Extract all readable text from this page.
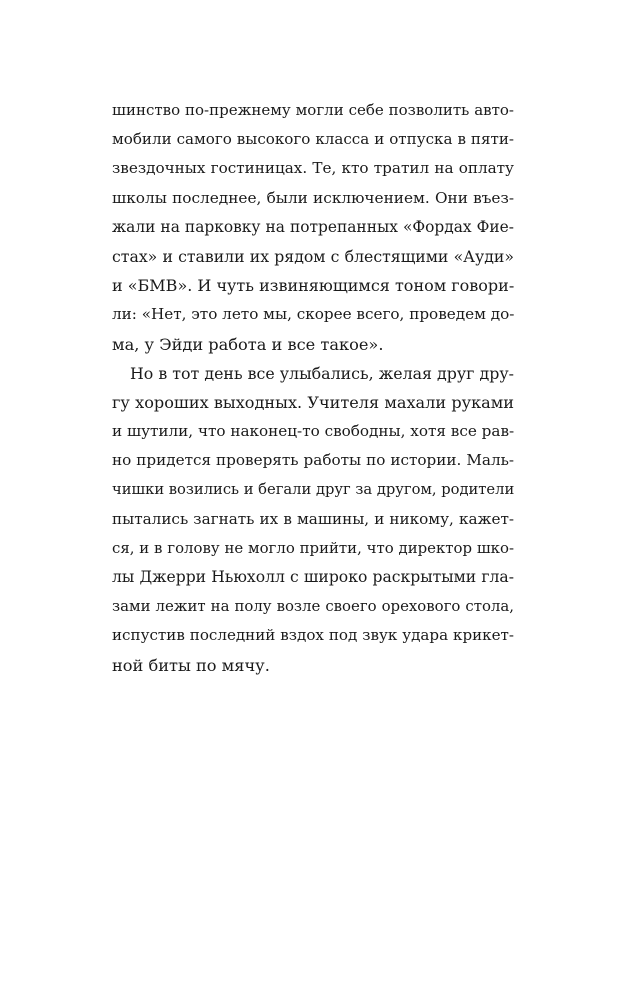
шинство по-прежнему могли себе позволить авто-
мобили самого высокого класса и отпуска в пяти-
звездочных гостиницах. Те, кто тратил на оплату
школы последнее, были исключением. Они въез-
жали на парковку на потрепанных «Фордах Фие-
стах» и ставили их рядом с блестящими «Ауди»
и «БМВ». И чуть извиняющимся тоном говори-
ли: «Нет, это лето мы, скорее всего, проведем до-
ма, у Эйди работа и все такое».
Но в тот день все улыбались, желая друг дру-
гу хороших выходных. Учителя махали руками
и шутили, что наконец-то свободны, хотя все рав-
но придется проверять работы по истории. Маль-
чишки возились и бегали друг за другом, родители
пытались загнать их в машины, и никому, кажет-
ся, и в голову не могло прийти, что директор шко-
лы Джерри Ньюхолл с широко раскрытыми гла-
зами лежит на полу возле своего орехового стола,
испустив последний вздох под звук удара крикет-
ной биты по мячу.
